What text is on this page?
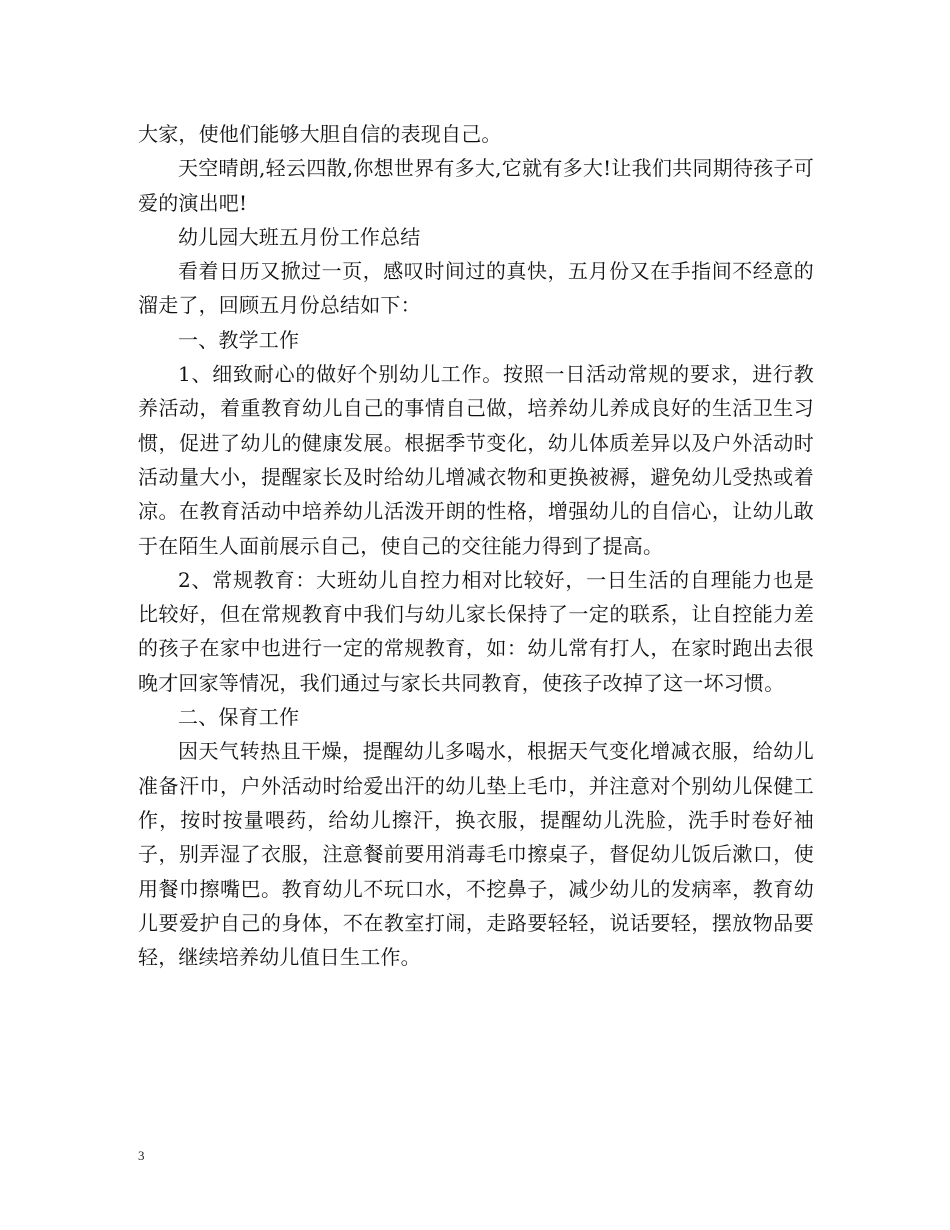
大家，使他们能够大胆自信的表现自己。

天空晴朗,轻云四散,你想世界有多大,它就有多大!让我们共同期待孩子可爱的演出吧!

幼儿园大班五月份工作总结

看着日历又掀过一页，感叹时间过的真快，五月份又在手指间不经意的溜走了，回顾五月份总结如下：

一、教学工作

1、细致耐心的做好个别幼儿工作。按照一日活动常规的要求，进行教养活动，着重教育幼儿自己的事情自己做，培养幼儿养成良好的生活卫生习惯，促进了幼儿的健康发展。根据季节变化，幼儿体质差异以及户外活动时活动量大小，提醒家长及时给幼儿增减衣物和更换被褥，避免幼儿受热或着凉。在教育活动中培养幼儿活泼开朗的性格，增强幼儿的自信心，让幼儿敢于在陌生人面前展示自己，使自己的交往能力得到了提高。

2、常规教育：大班幼儿自控力相对比较好，一日生活的自理能力也是比较好，但在常规教育中我们与幼儿家长保持了一定的联系，让自控能力差的孩子在家中也进行一定的常规教育，如：幼儿常有打人，在家时跑出去很晚才回家等情况，我们通过与家长共同教育，使孩子改掉了这一坏习惯。

二、保育工作

因天气转热且干燥，提醒幼儿多喝水，根据天气变化增减衣服，给幼儿准备汗巾，户外活动时给爱出汗的幼儿垫上毛巾，并注意对个别幼儿保健工作，按时按量喂药，给幼儿擦汗，换衣服，提醒幼儿洗脸，洗手时卷好袖子，别弄湿了衣服，注意餐前要用消毒毛巾擦桌子，督促幼儿饭后漱口，使用餐巾擦嘴巴。教育幼儿不玩口水，不挖鼻子，减少幼儿的发病率，教育幼儿要爱护自己的身体，不在教室打闹，走路要轻轻，说话要轻，摆放物品要轻，继续培养幼儿值日生工作。

3
